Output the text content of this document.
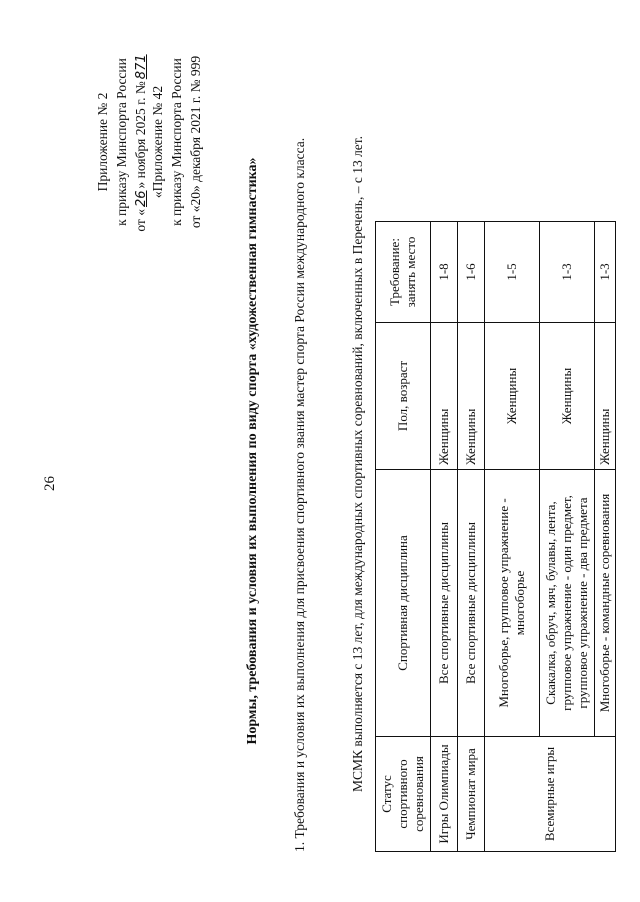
26
Приложение № 2 к приказу Минспорта России от «26» ноября 2025 г. №871
«Приложение № 42 к приказу Минспорта России от «20» декабря 2021 г. № 999
Нормы, требования и условия их выполнения по виду спорта «художественная гимнастика» 1. Требования и условия их выполнения для присвоения спортивного звания мастер спорта России международного класса.	МСМК выполняется с 13 лет, для международных спортивных соревнований, включенных в Перечень, – с 13 лет.
Статус спортивного соревнования	Спортивная дисциплина	Пол, возраст	Требование: занять место
Игры Олимпиады	Все спортивные дисциплины	Женщины	1-8
Чемпионат мира	Все спортивные дисциплины	Женщины	1-6
Всемирные игры	Многоборье, групповое упражнение - многоборье	Женщины	1-5
	Скакалка, обруч, мяч, булавы, лента, групповое упражнение - один предмет, групповое упражнение - два предмета	Женщины	1-3
	Многоборье - командные соревнования	Женщины	1-3
